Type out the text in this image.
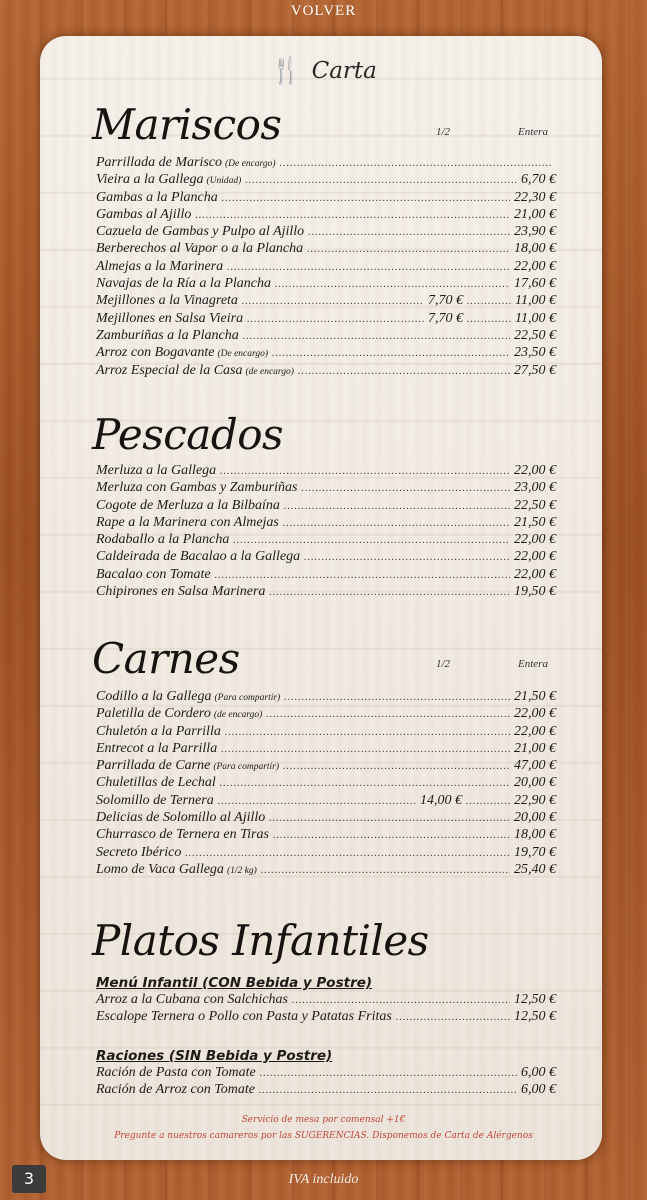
VOLVER
🍴 Carta
Mariscos	1/2	Entera
Parrillada de Marisco (De encargo)
.....
Vieira a la Gallega (Unidad) .....	6,70 €
Gambas a la Plancha .....	22,30 €
Gambas al Ajillo .....	21,00 €
Cazuela de Gambas y Pulpo al Ajillo .....	23,90 €
Berberechos al Vapor o a la Plancha .....	18,00 €
Almejas a la Marinera .....	22,00 €
Navajas de la Ría a la Plancha .....	17,60 €
Mejillones a la Vinagreta .....	7,70 € .....	11,00 €
Mejillones en Salsa Vieira .....	7,70 € .....	11,00 €
Zamburiñas a la Plancha .....	22,50 €
Arroz con Bogavante (De encargo) .....	23,50 €
Arroz Especial de la Casa (de encargo) .....	27,50 €
Pescados
Merluza a la Gallega .....	22,00 €
Merluza con Gambas y Zamburiñas .....	23,00 €
Cogote de Merluza a la Bilbaína .....	22,50 €
Rape a la Marinera con Almejas .....	21,50 €
Rodaballo a la Plancha .....	22,00 €
Caldeirada de Bacalao a la Gallega .....	22,00 €
Bacalao con Tomate .....	22,00 €
Chipirones en Salsa Marinera .....	19,50 €
Carnes	1/2	Entera
Codillo a la Gallega (Para compartir) .....	21,50 €
Paletilla de Cordero (de encargo) .....	22,00 €
Chuletón a la Parrilla .....	22,00 €
Entrecot a la Parrilla .....	21,00 €
Parrillada de Carne (Para compartir) .....	47,00 €
Chuletillas de Lechal .....	20,00 €
Solomillo de Ternera .....	14,00 € .....	22,90 €
Delicias de Solomillo al Ajillo .....	20,00 €
Churrasco de Ternera en Tiras .....	18,00 €
Secreto Ibérico .....	19,70 €
Lomo de Vaca Gallega (1/2 kg) .....	25,40 €
Platos Infantiles
Menú Infantil (CON Bebida y Postre)
Arroz a la Cubana con Salchichas .....	12,50 €
Escalope Ternera o Pollo con Pasta y Patatas Fritas .....	12,50 €
Raciones (SIN Bebida y Postre)
Ración de Pasta con Tomate .....	6,00 €
Ración de Arroz con Tomate .....	6,00 €
Servicio de mesa por comensal +1€
Pregunte a nuestros camareros por las SUGERENCIAS. Disponemos de Carta de Alérgenos
3	IVA incluido
